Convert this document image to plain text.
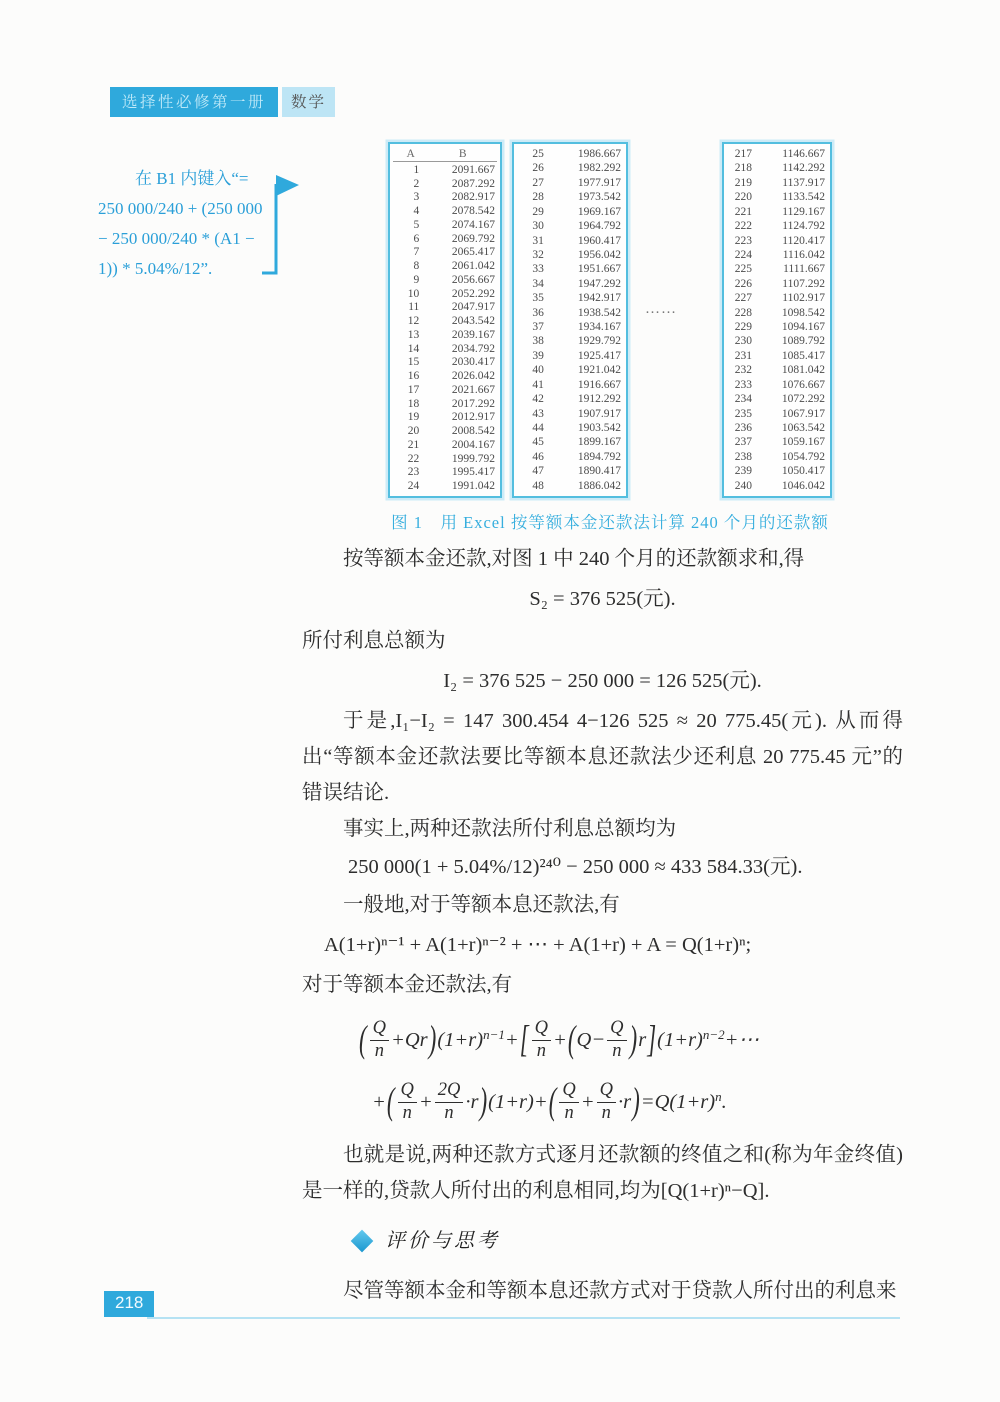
选择性必修第一册	数学
在 B1 内键入“=
250 000/240 + (250 000
− 250 000/240 * (A1 −
1)) * 5.04%/12”.
A	B
1	2091.667
2	2087.292
3	2082.917
4	2078.542
5	2074.167
6	2069.792
7	2065.417
8	2061.042
9	2056.667
10	2052.292
11	2047.917
12	2043.542
13	2039.167
14	2034.792
15	2030.417
16	2026.042
17	2021.667
18	2017.292
19	2012.917
20	2008.542
21	2004.167
22	1999.792
23	1995.417
24	1991.042
25	1986.667
26	1982.292
27	1977.917
28	1973.542
29	1969.167
30	1964.792
31	1960.417
32	1956.042
33	1951.667
34	1947.292
35	1942.917
36	1938.542
37	1934.167
38	1929.792
39	1925.417
40	1921.042
41	1916.667
42	1912.292
43	1907.917
44	1903.542
45	1899.167
46	1894.792
47	1890.417
48	1886.042
217	1146.667
218	1142.292
219	1137.917
220	1133.542
221	1129.167
222	1124.792
223	1120.417
224	1116.042
225	1111.667
226	1107.292
227	1102.917
228	1098.542
229	1094.167
230	1089.792
231	1085.417
232	1081.042
233	1076.667
234	1072.292
235	1067.917
236	1063.542
237	1059.167
238	1054.792
239	1050.417
240	1046.042
……
图 1　用 Excel 按等额本金还款法计算 240 个月的还款额

按等额本金还款,对图 1 中 240 个月的还款额求和,得

S₂ = 376 525(元).

所付利息总额为

I₂ = 376 525 − 250 000 = 126 525(元).

于是,I₁−I₂ = 147 300.454 4−126 525 ≈ 20 775.45(元). 从而得出“等额本金还款法要比等额本息还款法少还利息 20 775.45 元”的错误结论.

事实上,两种还款法所付利息总额均为

250 000(1 + 5.04%/12)²⁴⁰ − 250 000 ≈ 433 584.33(元).

一般地,对于等额本息还款法,有

A(1+r)ⁿ⁻¹ + A(1+r)ⁿ⁻² + ⋯ + A(1+r) + A = Q(1+r)ⁿ;

对于等额本金还款法,有

( $\frac{Q}{n} +Qr$ ) (1+r) n−1 + [ $\frac{Q}{n}$ + ( $Q- \frac{Q}{n}$ ) r ] (1+r) n−2 +⋯
+ ( $\frac{Q}{n} + \frac{2Q}{n} \cdot r$ ) (1+r)+ ( $\frac{Q}{n} + \frac{Q}{n} \cdot r$ ) =Q(1+r) n .

也就是说,两种还款方式逐月还款额的终值之和(称为年金终值)是一样的,贷款人所付出的利息相同,均为[Q(1+r)ⁿ−Q].

评价与思考

尽管等额本金和等额本息还款方式对于贷款人所付出的利息来

218
